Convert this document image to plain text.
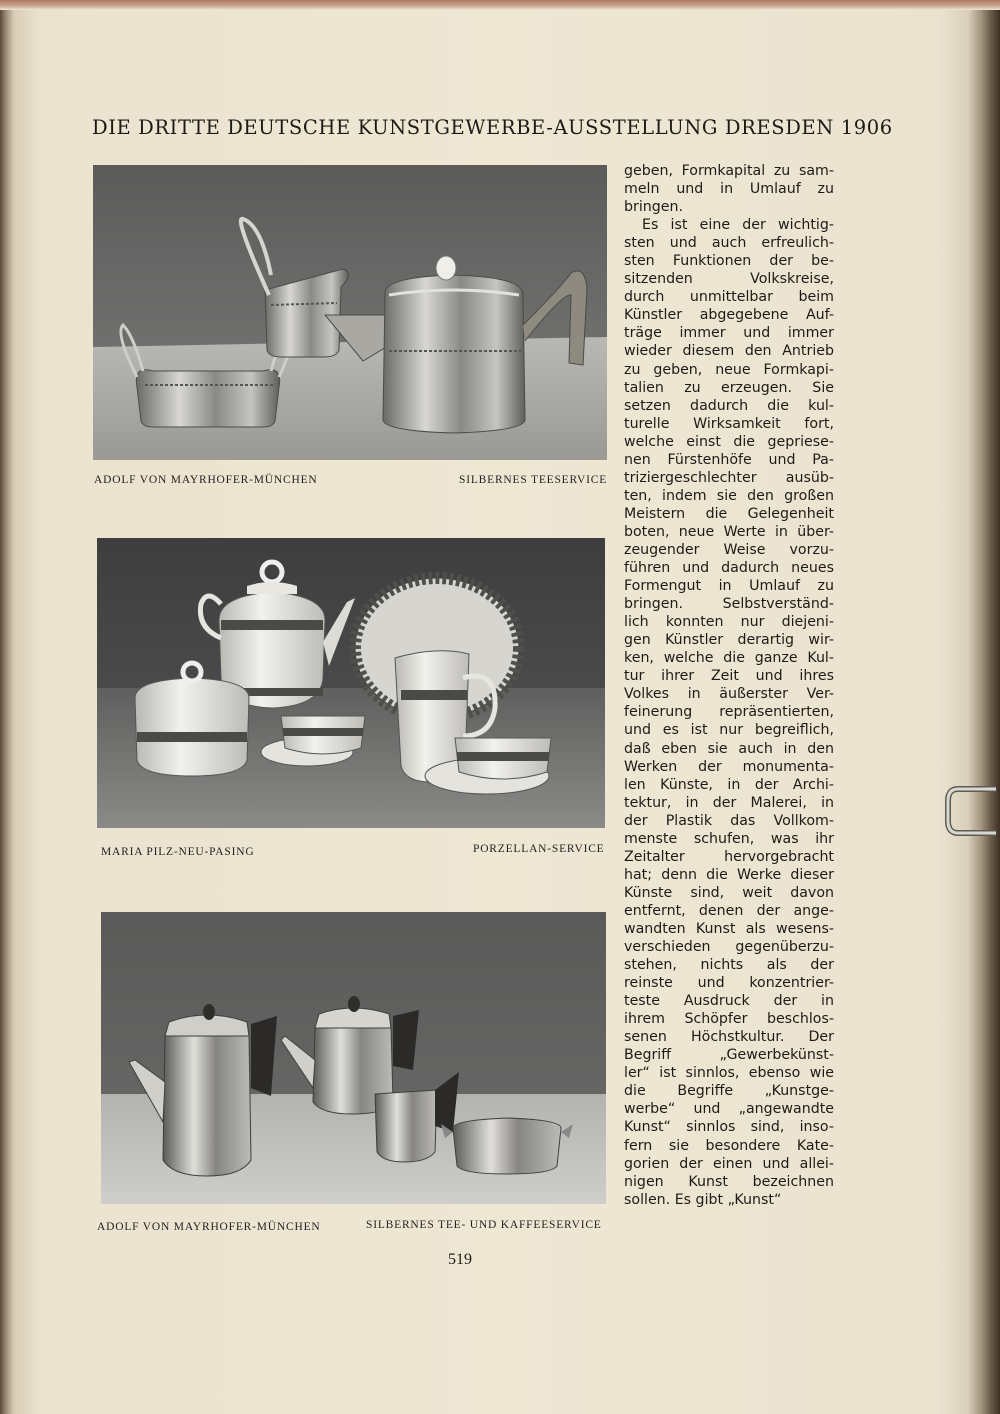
DIE DRITTE DEUTSCHE KUNSTGEWERBE-AUSSTELLUNG DRESDEN 1906
ADOLF VON MAYRHOFER-MÜNCHEN	SILBERNES TEESERVICE
MARIA PILZ-NEU-PASING	PORZELLAN-SERVICE
ADOLF VON MAYRHOFER-MÜNCHEN	SILBERNES TEE- UND KAFFEESERVICE
geben, Formkapital zu sam-
meln und in Umlauf zu
bringen.
Es ist eine der wichtig-
sten und auch erfreulich-
sten Funktionen der be-
sitzenden Volkskreise,
durch unmittelbar beim
Künstler abgegebene Auf-
träge immer und immer
wieder diesem den Antrieb
zu geben, neue Formkapi-
talien zu erzeugen. Sie
setzen dadurch die kul-
turelle Wirksamkeit fort,
welche einst die gepriese-
nen Fürstenhöfe und Pa-
triziergeschlechter ausüb-
ten, indem sie den großen
Meistern die Gelegenheit
boten, neue Werte in über-
zeugender Weise vorzu-
führen und dadurch neues
Formengut in Umlauf zu
bringen. Selbstverständ-
lich konnten nur diejeni-
gen Künstler derartig wir-
ken, welche die ganze Kul-
tur ihrer Zeit und ihres
Volkes in äußerster Ver-
feinerung repräsentierten,
und es ist nur begreiflich,
daß eben sie auch in den
Werken der monumenta-
len Künste, in der Archi-
tektur, in der Malerei, in
der Plastik das Vollkom-
menste schufen, was ihr
Zeitalter hervorgebracht
hat; denn die Werke dieser
Künste sind, weit davon
entfernt, denen der ange-
wandten Kunst als wesens-
verschieden gegenüberzu-
stehen, nichts als der
reinste und konzentrier-
teste Ausdruck der in
ihrem Schöpfer beschlos-
senen Höchstkultur. Der
Begriff „Gewerbekünst-
ler“ ist sinnlos, ebenso wie
die Begriffe „Kunstge-
werbe“ und „angewandte
Kunst“ sinnlos sind, inso-
fern sie besondere Kate-
gorien der einen und allei-
nigen Kunst bezeichnen
sollen. Es gibt „Kunst“
519
